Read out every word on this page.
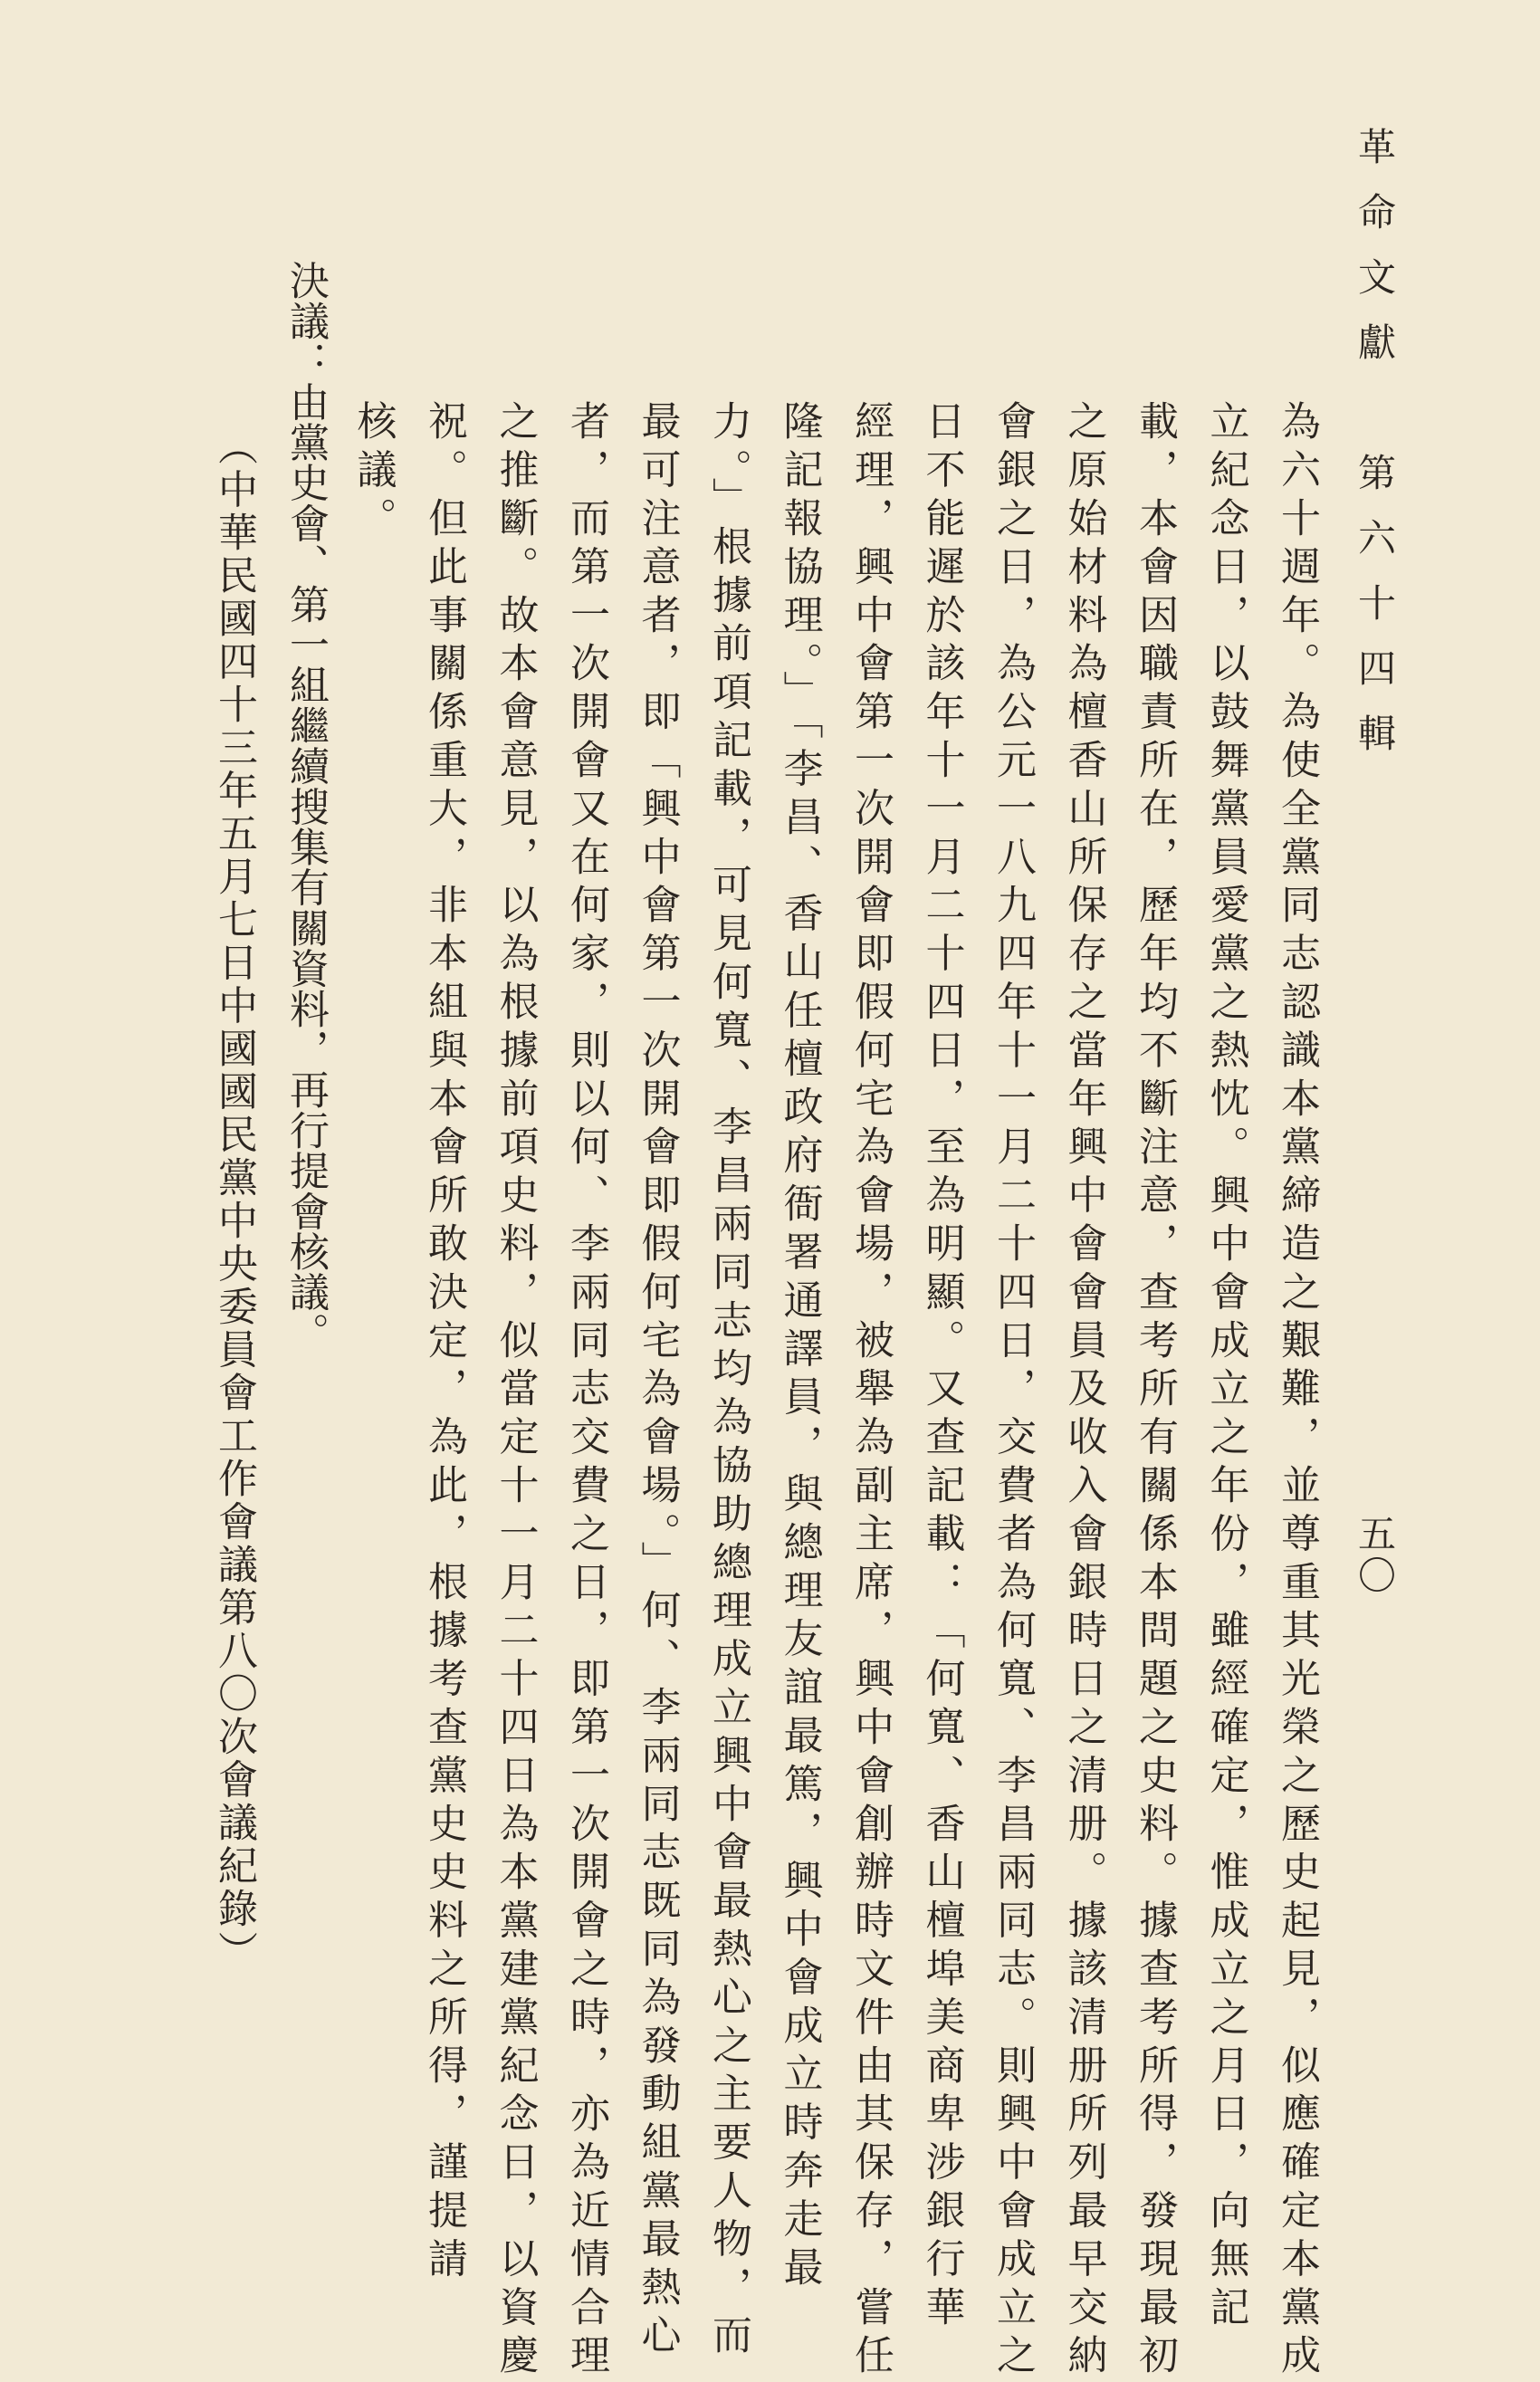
革命文獻　第六十四輯
五〇
為六十週年。為使全黨同志認識本黨締造之艱難，並尊重其光榮之歷史起見，似應確定本黨成
立紀念日，以鼓舞黨員愛黨之熱忱。興中會成立之年份，雖經確定，惟成立之月日，向無記
載，本會因職責所在，歷年均不斷注意，查考所有關係本問題之史料。據查考所得，發現最初
之原始材料為檀香山所保存之當年興中會會員及收入會銀時日之清册。據該清册所列最早交納
會銀之日，為公元一八九四年十一月二十四日，交費者為何寬、李昌兩同志。則興中會成立之
日不能遲於該年十一月二十四日，至為明顯。又查記載：「何寬、香山檀埠美商卑涉銀行華
經理，興中會第一次開會即假何宅為會場，被舉為副主席，興中會創辦時文件由其保存，嘗任
隆記報協理。」「李昌、香山任檀政府衙署通譯員，與總理友誼最篤，興中會成立時奔走最
力。」根據前項記載，可見何寬、李昌兩同志均為協助總理成立興中會最熱心之主要人物，而
最可注意者，即「興中會第一次開會即假何宅為會場。」何、李兩同志既同為發動組黨最熱心
者，而第一次開會又在何家，則以何、李兩同志交費之日，即第一次開會之時，亦為近情合理
之推斷。故本會意見，以為根據前項史料，似當定十一月二十四日為本黨建黨紀念日，以資慶
祝。但此事關係重大，非本組與本會所敢決定，為此，根據考查黨史史料之所得，謹提請
核議。
決議：由黨史會、第一組繼續搜集有關資料，再行提會核議。
（中華民國四十三年五月七日中國國民黨中央委員會工作會議第八〇次會議紀錄）
